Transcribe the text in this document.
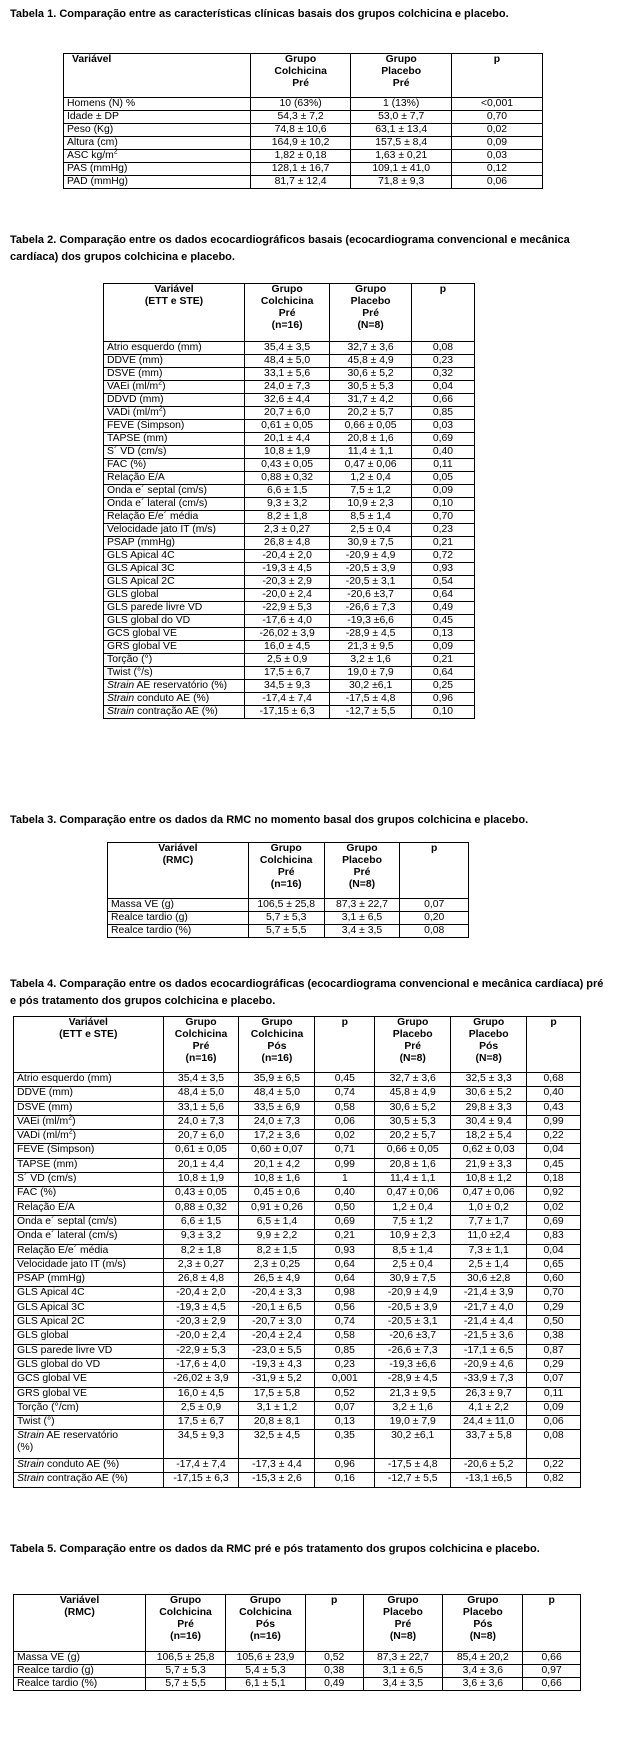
Tabela 1. Comparação entre as características clínicas basais dos grupos colchicina e placebo.
Variável	Grupo
Colchicina
Pré	Grupo
Placebo
Pré	p
Homens (N) %	10 (63%)	1 (13%)	<0,001
Idade ± DP	54,3 ± 7,2	53,0 ± 7,7	0,70
Peso (Kg)	74,8 ± 10,6	63,1 ± 13,4	0,02
Altura (cm)	164,9 ± 10,2	157,5 ± 8,4	0,09
ASC $kg/m^2$	1,82 ± 0,18	1,63 ± 0,21	0,03
PAS (mmHg)	128,1 ± 16,7	109,1 ± 41,0	0,12
PAD (mmHg)	81,7 ± 12,4	71,8 ± 9,3	0,06
Tabela 2. Comparação entre os dados ecocardiográficos basais (ecocardiograma convencional e mecânica cardíaca) dos grupos colchicina e placebo.
Variável
(ETT e STE)	Grupo
Colchicina
Pré
(n=16)	Grupo
Placebo
Pré
(N=8)	p
Atrio esquerdo (mm)	35,4 ± 3,5	32,7 ± 3,6	0,08
DDVE (mm)	48,4 ± 5,0	45,8 ± 4,9	0,23
DSVE (mm)	33,1 ± 5,6	30,6 ± 5,2	0,32
VAEi $(ml/m^2)$	24,0 ± 7,3	30,5 ± 5,3	0,04
DDVD (mm)	32,6 ± 4,4	31,7 ± 4,2	0,66
VADi $(ml/m^2)$	20,7 ± 6,0	20,2 ± 5,7	0,85
FEVE (Simpson)	0,61 ± 0,05	0,66 ± 0,05	0,03
TAPSE (mm)	20,1 ± 4,4	20,8 ± 1,6	0,69
S´ VD (cm/s)	10,8 ± 1,9	11,4 ± 1,1	0,40
FAC (%)	0,43 ± 0,05	0,47 ± 0,06	0,11
Relação E/A	0,88 ± 0,32	1,2 ± 0,4	0,05
Onda e´ septal (cm/s)	6,6 ± 1,5	7,5 ± 1,2	0,09
Onda e´ lateral (cm/s)	9,3 ± 3,2	10,9 ± 2,3	0,10
Relação E/e´ média	8,2 ± 1,8	8,5 ± 1,4	0,70
Velocidade jato IT (m/s)	2,3 ± 0,27	2,5 ± 0,4	0,23
PSAP (mmHg)	26,8 ± 4,8	30,9 ± 7,5	0,21
GLS Apical 4C	-20,4 ± 2,0	-20,9 ± 4,9	0,72
GLS Apical 3C	-19,3 ± 4,5	-20,5 ± 3,9	0,93
GLS Apical 2C	-20,3 ± 2,9	-20,5 ± 3,1	0,54
GLS global	-20,0 ± 2,4	-20,6 ±3,7	0,64
GLS parede livre VD	-22,9 ± 5,3	-26,6 ± 7,3	0,49
GLS global do VD	-17,6 ± 4,0	-19,3 ±6,6	0,45
GCS global VE	-26,02 ± 3,9	-28,9 ± 4,5	0,13
GRS global VE	16,0 ± 4,5	21,3 ± 9,5	0,09
Torção (°)	2,5 ± 0,9	3,2 ± 1,6	0,21
Twist (°/s)	17,5 ± 6,7	19,0 ± 7,9	0,64
Strain AE reservatório (%)	34,5 ± 9,3	30,2 ±6,1	0,25
Strain conduto AE (%)	-17,4 ± 7,4	-17,5 ± 4,8	0,96
Strain contração AE (%)	-17,15 ± 6,3	-12,7 ± 5,5	0,10
Tabela 3. Comparação entre os dados da RMC no momento basal dos grupos colchicina e placebo.
Variável
(RMC)	Grupo
Colchicina
Pré
(n=16)	Grupo
Placebo
Pré
(N=8)	p
Massa VE (g)	106,5 ± 25,8	87,3 ± 22,7	0,07
Realce tardio (g)	5,7 ± 5,3	3,1 ± 6,5	0,20
Realce tardio (%)	5,7 ± 5,5	3,4 ± 3,5	0,08
Tabela 4. Comparação entre os dados ecocardiográficas (ecocardiograma convencional e mecânica cardíaca) pré e pós tratamento dos grupos colchicina e placebo.
Variável
(ETT e STE)	Grupo
Colchicina
Pré
(n=16)	Grupo
Colchicina
Pós
(n=16)	p	Grupo
Placebo
Pré
(N=8)	Grupo
Placebo
Pós
(N=8)	p
Atrio esquerdo (mm)	35,4 ± 3,5	35,9 ± 6,5	0,45	32,7 ± 3,6	32,5 ± 3,3	0,68
DDVE (mm)	48,4 ± 5,0	48,4 ± 5,0	0,74	45,8 ± 4,9	30,6 ± 5,2	0,40
DSVE (mm)	33,1 ± 5,6	33,5 ± 6,9	0,58	30,6 ± 5,2	29,8 ± 3,3	0,43
VAEi $(ml/m^2)$	24,0 ± 7,3	24,0 ± 7,3	0,06	30,5 ± 5,3	30,4 ± 9,4	0,99
VADi $(ml/m^2)$	20,7 ± 6,0	17,2 ± 3,6	0,02	20,2 ± 5,7	18,2 ± 5,4	0,22
FEVE (Simpson)	0,61 ± 0,05	0,60 ± 0,07	0,71	0,66 ± 0,05	0,62 ± 0,03	0,04
TAPSE (mm)	20,1 ± 4,4	20,1 ± 4,2	0,99	20,8 ± 1,6	21,9 ± 3,3	0,45
S´ VD (cm/s)	10,8 ± 1,9	10,8 ± 1,6	1	11,4 ± 1,1	10,8 ± 1,2	0,18
FAC (%)	0,43 ± 0,05	0,45 ± 0,6	0,40	0,47 ± 0,06	0,47 ± 0,06	0,92
Relação E/A	0,88 ± 0,32	0,91 ± 0,26	0,50	1,2 ± 0,4	1,0 ± 0,2	0,02
Onda e´ septal (cm/s)	6,6 ± 1,5	6,5 ± 1,4	0,69	7,5 ± 1,2	7,7 ± 1,7	0,69
Onda e´ lateral (cm/s)	9,3 ± 3,2	9,9 ± 2,2	0,21	10,9 ± 2,3	11,0 ±2,4	0,83
Relação E/e´ média	8,2 ± 1,8	8,2 ± 1,5	0,93	8,5 ± 1,4	7,3 ± 1,1	0,04
Velocidade jato IT (m/s)	2,3 ± 0,27	2,3 ± 0,25	0,64	2,5 ± 0,4	2,5 ± 1,4	0,65
PSAP (mmHg)	26,8 ± 4,8	26,5 ± 4,9	0,64	30,9 ± 7,5	30,6 ±2,8	0,60
GLS Apical 4C	-20,4 ± 2,0	-20,4 ± 3,3	0,98	-20,9 ± 4,9	-21,4 ± 3,9	0,70
GLS Apical 3C	-19,3 ± 4,5	-20,1 ± 6,5	0,56	-20,5 ± 3,9	-21,7 ± 4,0	0,29
GLS Apical 2C	-20,3 ± 2,9	-20,7 ± 3,0	0,74	-20,5 ± 3,1	-21,4 ± 4,4	0,50
GLS global	-20,0 ± 2,4	-20,4 ± 2,4	0,58	-20,6 ±3,7	-21,5 ± 3,6	0,38
GLS parede livre VD	-22,9 ± 5,3	-23,0 ± 5,5	0,85	-26,6 ± 7,3	-17,1 ± 6,5	0,87
GLS global do VD	-17,6 ± 4,0	-19,3 ± 4,3	0,23	-19,3 ±6,6	-20,9 ± 4,6	0,29
GCS global VE	-26,02 ± 3,9	-31,9 ± 5,2	0,001	-28,9 ± 4,5	-33,9 ± 7,3	0,07
GRS global VE	16,0 ± 4,5	17,5 ± 5,8	0,52	21,3 ± 9,5	26,3 ± 9,7	0,11
Torção (°/cm)	2,5 ± 0,9	3,1 ± 1,2	0,07	3,2 ± 1,6	4,1 ± 2,2	0,09
Twist (°)	17,5 ± 6,7	20,8 ± 8,1	0,13	19,0 ± 7,9	24,4 ± 11,0	0,06
Strain AE reservatório
(%)	34,5 ± 9,3	32,5 ± 4,5	0,35	30,2 ±6,1	33,7 ± 5,8	0,08
Strain conduto AE (%)	-17,4 ± 7,4	-17,3 ± 4,4	0,96	-17,5 ± 4,8	-20,6 ± 5,2	0,22
Strain contração AE (%)	-17,15 ± 6,3	-15,3 ± 2,6	0,16	-12,7 ± 5,5	-13,1 ±6,5	0,82
Tabela 5. Comparação entre os dados da RMC pré e pós tratamento dos grupos colchicina e placebo.
Variável
(RMC)	Grupo
Colchicina
Pré
(n=16)	Grupo
Colchicina
Pós
(n=16)	p	Grupo
Placebo
Pré
(N=8)	Grupo
Placebo
Pós
(N=8)	p
Massa VE (g)	106,5 ± 25,8	105,6 ± 23,9	0,52	87,3 ± 22,7	85,4 ± 20,2	0,66
Realce tardio (g)	5,7 ± 5,3	5,4 ± 5,3	0,38	3,1 ± 6,5	3,4 ± 3,6	0,97
Realce tardio (%)	5,7 ± 5,5	6,1 ± 5,1	0,49	3,4 ± 3,5	3,6 ± 3,6	0,66
